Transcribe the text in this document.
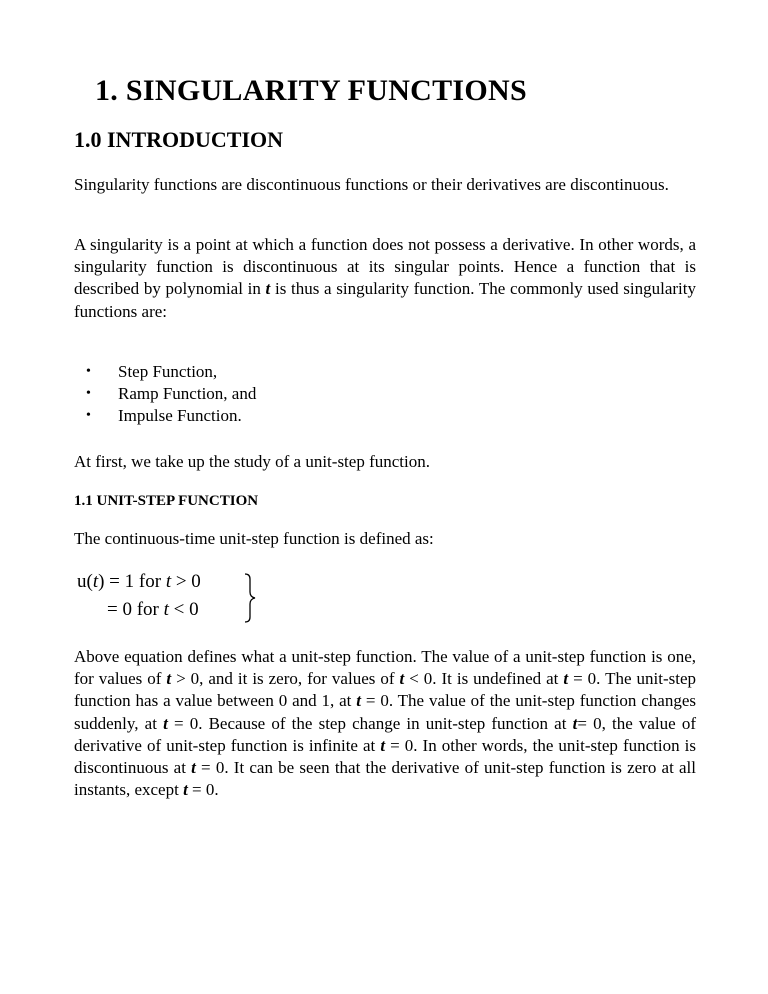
1. SINGULARITY FUNCTIONS
1.0 INTRODUCTION

Singularity functions are discontinuous functions or their derivatives are discontinuous.

A singularity is a point at which a function does not possess a derivative. In other words, a singularity function is discontinuous at its singular points. Hence a function that is described by polynomial in t is thus a singularity function. The commonly used singularity functions are:

• Step Function,
• Ramp Function, and
• Impulse Function.

At first, we take up the study of a unit-step function.

1.1 UNIT-STEP FUNCTION

The continuous-time unit-step function is defined as:

u(t) = 1 for t > 0
= 0 for t < 0

Above equation defines what a unit-step function. The value of a unit-step function is one, for values of t > 0, and it is zero, for values of t < 0. It is undefined at t = 0. The unit-step function has a value between 0 and 1, at t = 0. The value of the unit-step function changes suddenly, at t = 0. Because of the step change in unit-step function at t= 0, the value of derivative of unit-step function is infinite at t = 0. In other words, the unit-step function is discontinuous at t = 0. It can be seen that the derivative of unit-step function is zero at all instants, except t = 0.
